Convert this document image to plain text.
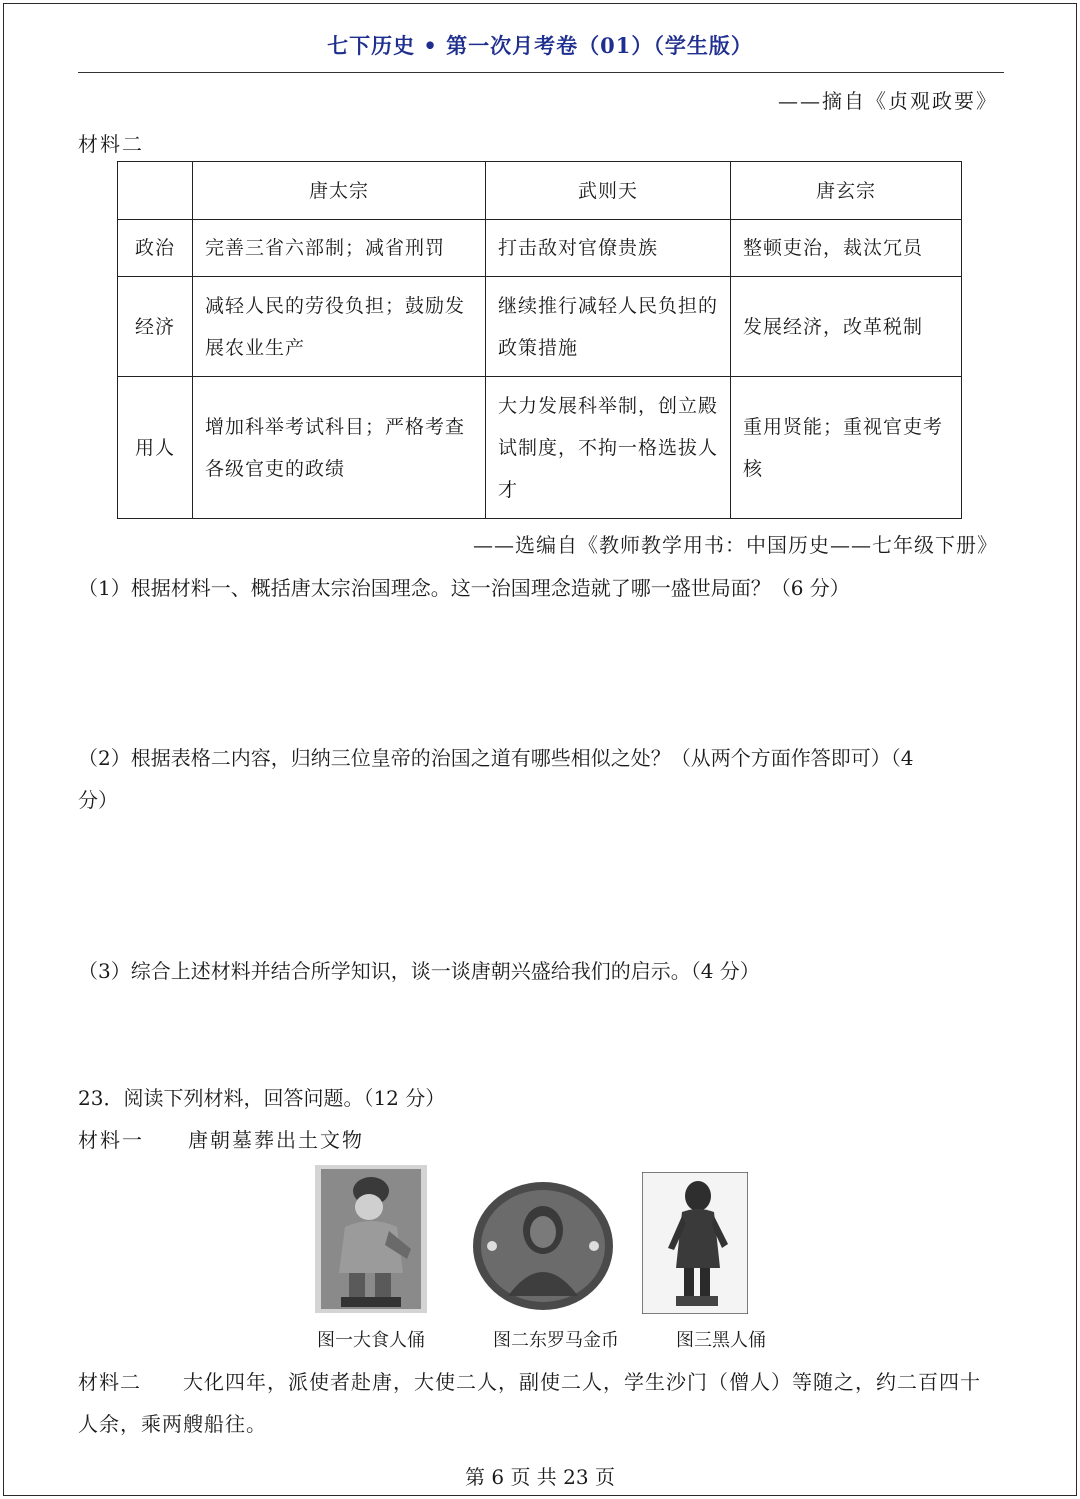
七下历史 • 第一次月考卷（01）（学生版）
——摘自《贞观政要》
材料二
	唐太宗	武则天	唐玄宗
政治	完善三省六部制；减省刑罚	打击敌对官僚贵族	整顿吏治，裁汰冗员
经济	减轻人民的劳役负担；鼓励发展农业生产	继续推行减轻人民负担的政策措施	发展经济，改革税制
用人	增加科举考试科目；严格考查各级官吏的政绩	大力发展科举制，创立殿试制度，不拘一格选拔人才	重用贤能；重视官吏考核
——选编自《教师教学用书：中国历史——七年级下册》
（1）根据材料一、概括唐太宗治国理念。这一治国理念造就了哪一盛世局面？（6 分）
（2）根据表格二内容，归纳三位皇帝的治国之道有哪些相似之处？（从两个方面作答即可）（4
分）
（3）综合上述材料并结合所学知识，谈一谈唐朝兴盛给我们的启示。（4 分）
23．阅读下列材料，回答问题。（12 分）
材料一　　唐朝墓葬出土文物
图一大食人俑	图二东罗马金币	图三黑人俑
材料二　　大化四年，派使者赴唐，大使二人，副使二人，学生沙门（僧人）等随之，约二百四十
人余，乘两艘船往。
第 6 页 共 23 页
